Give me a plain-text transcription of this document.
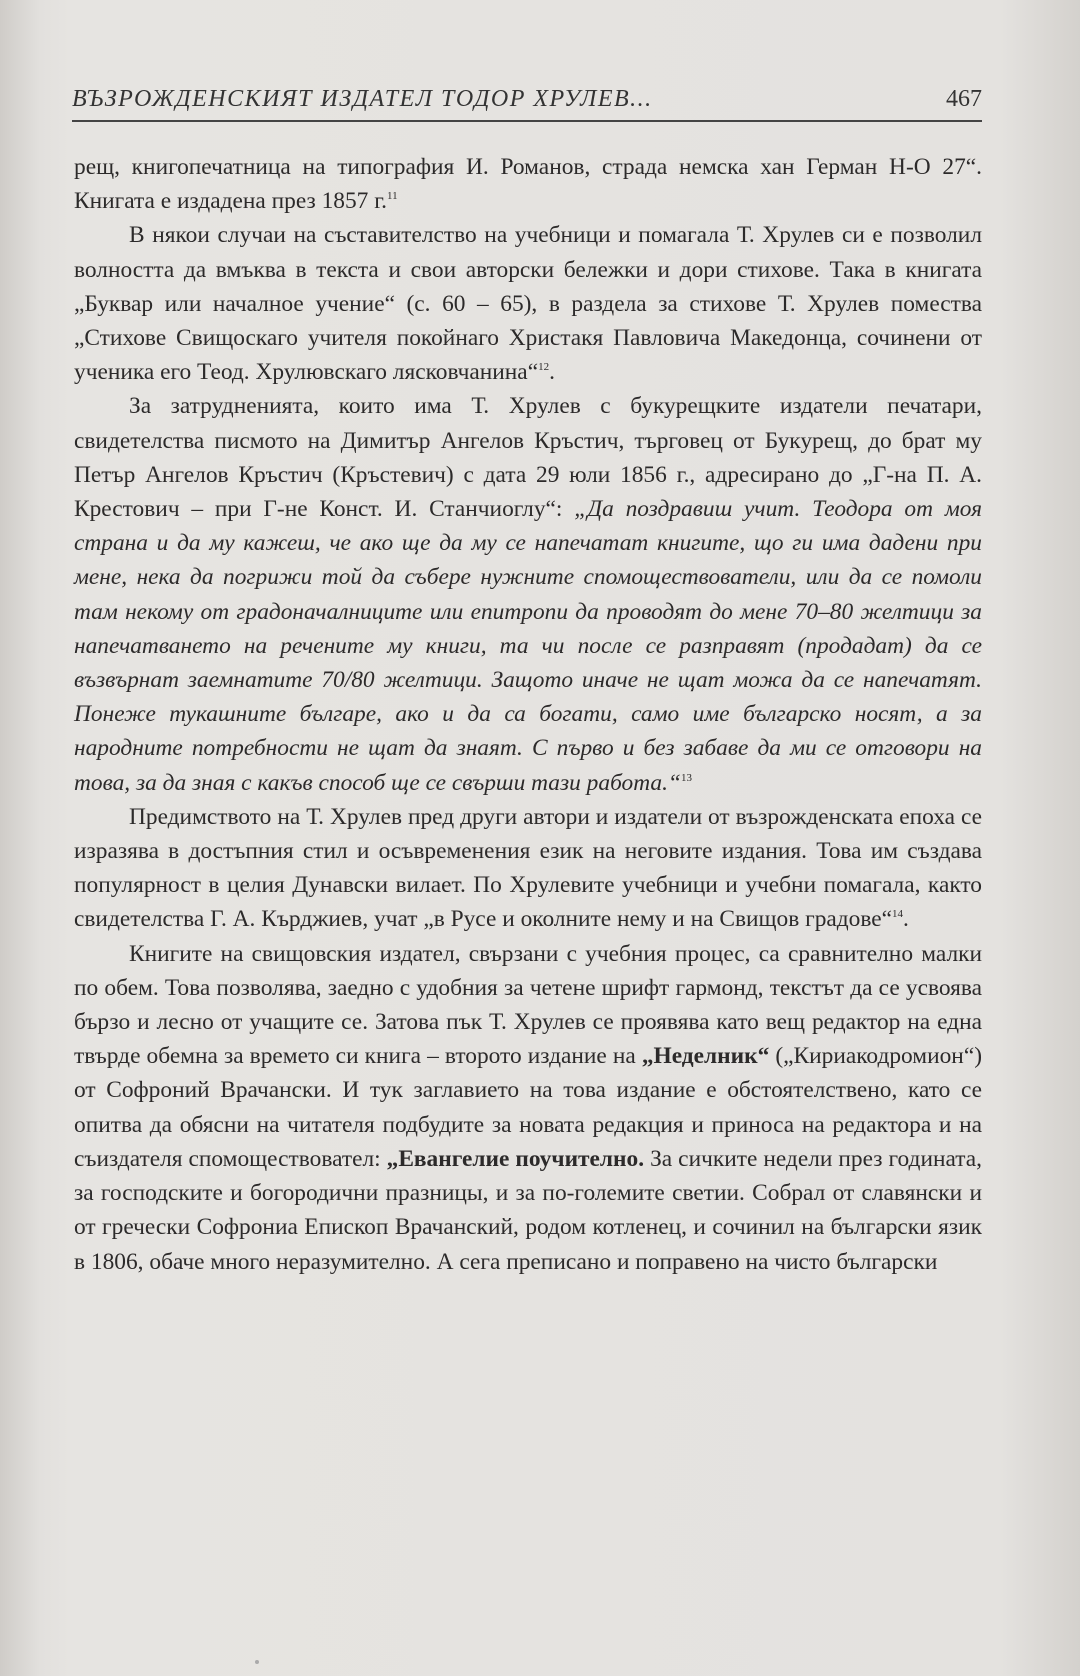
ВЪЗРОЖДЕНСКИЯТ ИЗДАТЕЛ ТОДОР ХРУЛЕВ...	467

рещ, книгопечатница на типография И. Романов, страда немска хан Герман Н-О 27“. Книгата е издадена през 1857 г.$^{11}$

В някои случаи на съставителство на учебници и помагала Т. Хрулев си е позволил волността да вмъква в текста и свои авторски бележки и дори стихове. Така в книгата „Буквар или началное учение“ (с. 60 – 65), в раздела за стихове Т. Хрулев помества „Стихове Свищоскаго учителя покойнаго Христакя Павловича Македонца, сочинени от ученика его Теод. Хрулювскаго лясковчанина“$^{12}$.

За затрудненията, които има Т. Хрулев с букурещките издатели печатари, свидетелства писмото на Димитър Ангелов Кръстич, търговец от Букурещ, до брат му Петър Ангелов Кръстич (Кръстевич) с дата 29 юли 1856 г., адресирано до „Г-на П. А. Крестович – при Г-не Конст. И. Станчиоглу“: „Да поздравиш учит. Теодора от моя страна и да му кажеш, че ако ще да му се напечатат книгите, що ги има дадени при мене, нека да погрижи той да събере нужните спомоществователи, или да се помоли там некому от градоначалниците или епитропи да проводят до мене 70–80 желтици за напечатването на речените му книги, та чи после се разправят (продадат) да се възвърнат заемнатите 70/80 желтици. Защото иначе не щат можа да се напечатят. Понеже тукашните българе, ако и да са богати, само име българско носят, а за народните потребности не щат да знаят. С първо и без забаве да ми се отговори на това, за да зная с какъв способ ще се свърши тази работа.“$^{13}$

Предимството на Т. Хрулев пред други автори и издатели от възрожденската епоха се изразява в достъпния стил и осъвременения език на неговите издания. Това им създава популярност в целия Дунавски вилает. По Хрулевите учебници и учебни помагала, както свидетелства Г. А. Кърджиев, учат „в Русе и околните нему и на Свищов градове“$^{14}$.

Книгите на свищовския издател, свързани с учебния процес, са сравнително малки по обем. Това позволява, заедно с удобния за четене шрифт гармонд, текстът да се усвоява бързо и лесно от учащите се. Затова пък Т. Хрулев се проявява като вещ редактор на една твърде обемна за времето си книга – второто издание на „Неделник“ („Кириакодромион“) от Софроний Врачански. И тук заглавието на това издание е обстоятелствено, като се опитва да обясни на читателя подбудите за новата редакция и приноса на редактора и на съиздателя спомоществовател: „Евангелие поучително. За сичките недели през годината, за господските и богородични празницы, и за по-големите светии. Собрал от славянски и от гречески Софрониа Епископ Врачанский, родом котленец, и сочинил на български язик в 1806, обаче много неразумително. А сега преписано и поправено на чисто български
